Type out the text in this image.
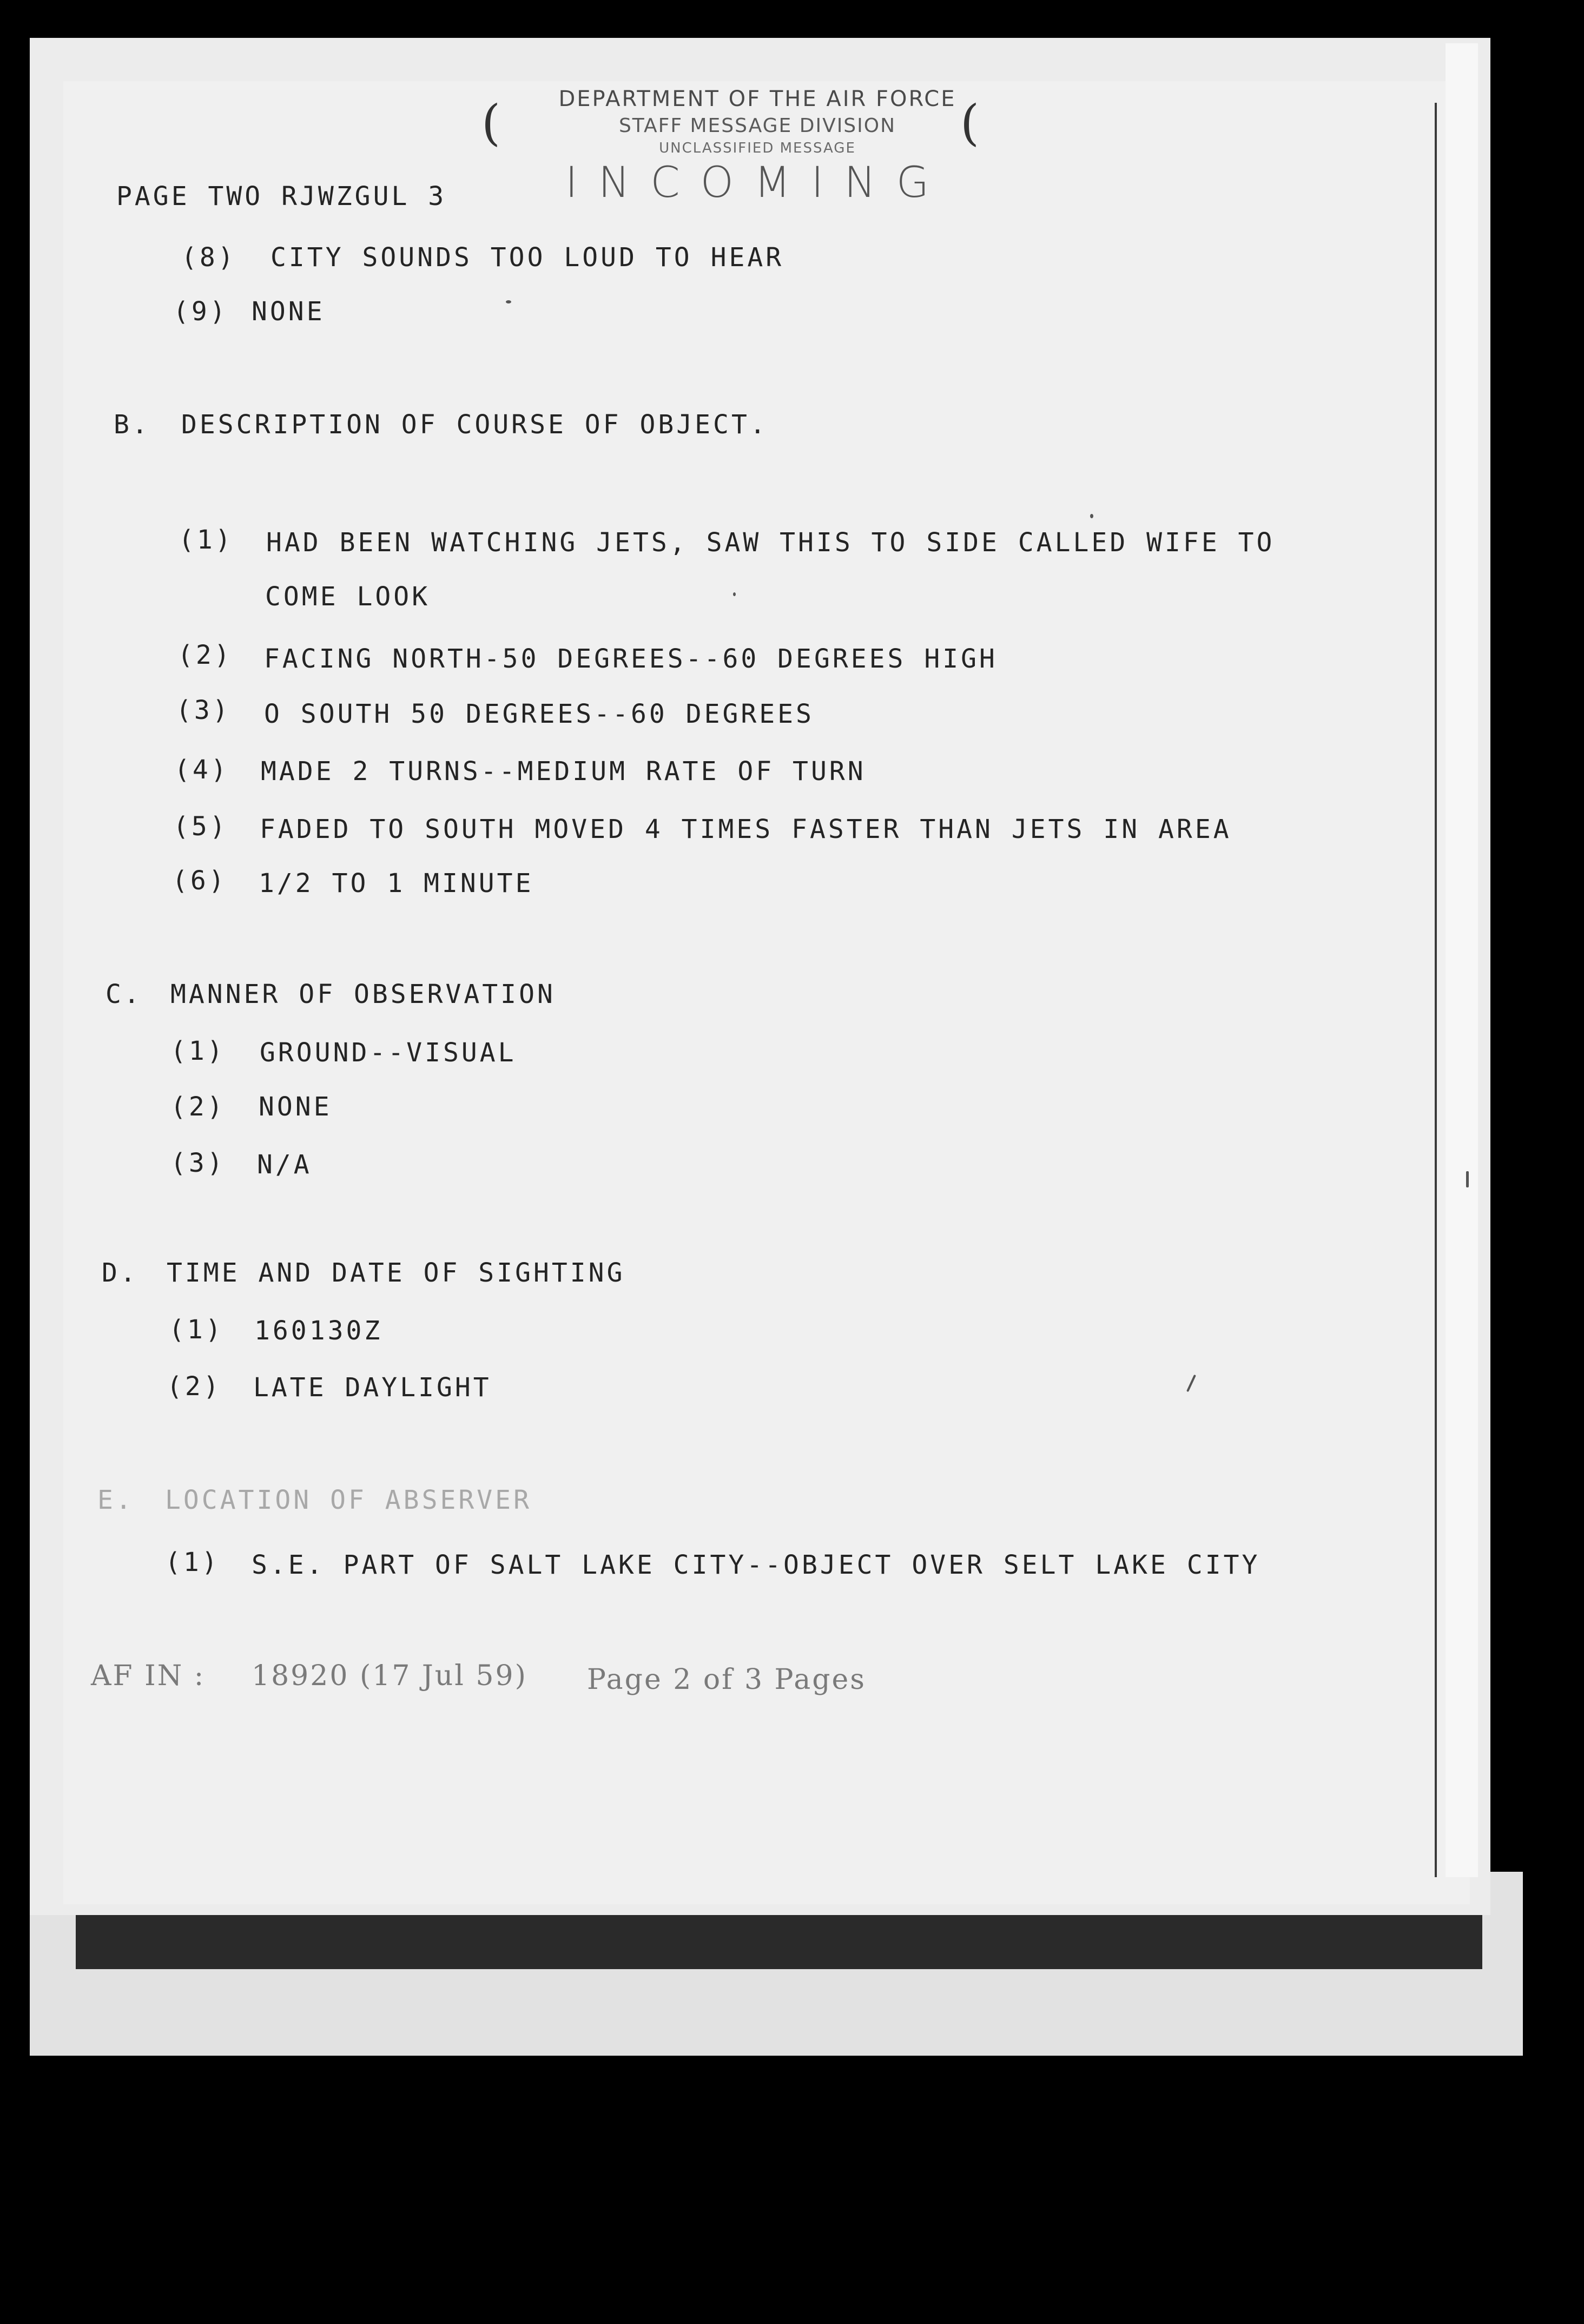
(	(
DEPARTMENT OF THE AIR FORCE
STAFF MESSAGE DIVISION
UNCLASSIFIED MESSAGE
INCOMING
PAGE TWO RJWZGUL 3
(8) CITY SOUNDS TOO LOUD TO HEAR
(9) NONE
B. DESCRIPTION OF COURSE OF OBJECT.
(1) HAD BEEN WATCHING JETS, SAW THIS TO SIDE CALLED WIFE TO
COME LOOK
(2) FACING NORTH-50 DEGREES--60 DEGREES HIGH
(3) O SOUTH 50 DEGREES--60 DEGREES
(4) MADE 2 TURNS--MEDIUM RATE OF TURN
(5) FADED TO SOUTH MOVED 4 TIMES FASTER THAN JETS IN AREA
(6) 1/2 TO 1 MINUTE
C. MANNER OF OBSERVATION
(1) GROUND--VISUAL
(2) NONE
(3) N/A
D. TIME AND DATE OF SIGHTING
(1) 160130Z
(2) LATE DAYLIGHT
E. LOCATION OF ABSERVER
(1) S.E. PART OF SALT LAKE CITY--OBJECT OVER SELT LAKE CITY
AF IN : 18920 (17 Jul 59) Page 2 of 3 Pages
